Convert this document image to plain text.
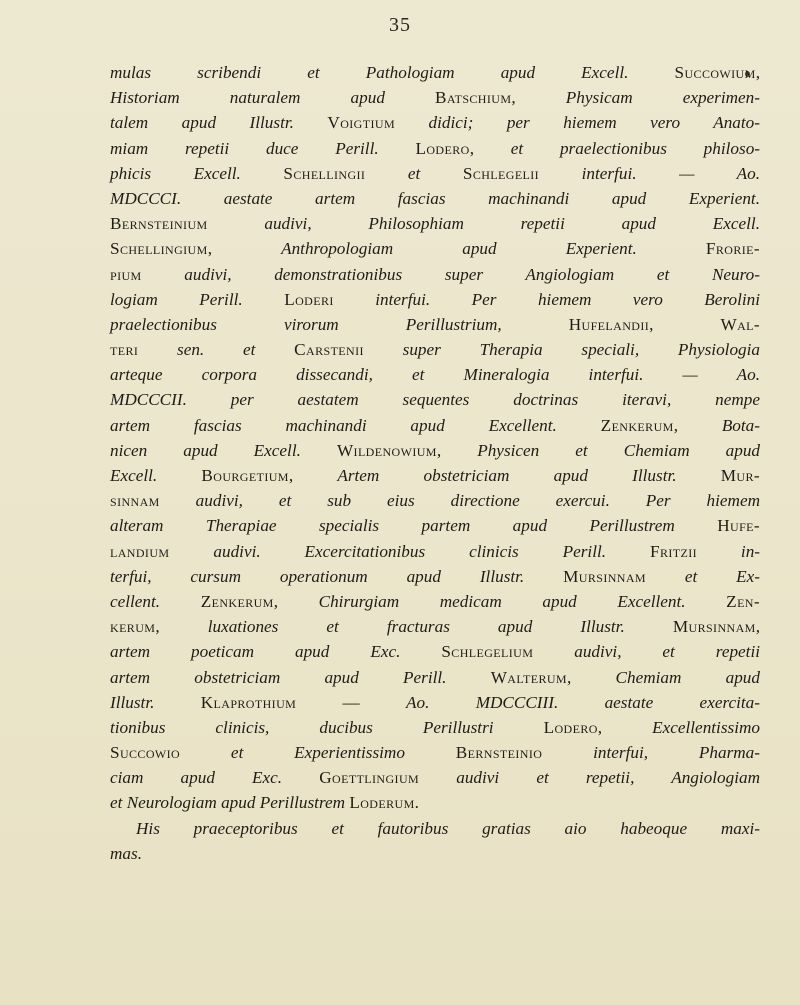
35
mulas scribendi et Pathologiam apud Excell. Succowium,
Historiam naturalem apud Batschium, Physicam experimen-
talem apud Illustr. Voigtium didici; per hiemem vero Anato-
miam repetii duce Perill. Lodero, et praelectionibus philoso-
phicis Excell. Schellingii et Schlegelii interfui. — Ao.
MDCCCI. aestate artem fascias machinandi apud Experient.
Bernsteinium audivi, Philosophiam repetii apud Excell.
Schellingium, Anthropologiam apud Experient. Frorie-
pium audivi, demonstrationibus super Angiologiam et Neuro-
logiam Perill. Loderi interfui. Per hiemem vero Berolini
praelectionibus virorum Perillustrium, Hufelandii, Wal-
teri sen. et Carstenii super Therapia speciali, Physiologia
arteque corpora dissecandi, et Mineralogia interfui. — Ao.
MDCCCII. per aestatem sequentes doctrinas iteravi, nempe
artem fascias machinandi apud Excellent. Zenkerum, Bota-
nicen apud Excell. Wildenowium, Physicen et Chemiam apud
Excell. Bourgetium, Artem obstetriciam apud Illustr. Mur-
sinnam audivi, et sub eius directione exercui. Per hiemem
alteram Therapiae specialis partem apud Perillustrem Hufe-
landium audivi. Excercitationibus clinicis Perill. Fritzii in-
terfui, cursum operationum apud Illustr. Mursinnam et Ex-
cellent. Zenkerum, Chirurgiam medicam apud Excellent. Zen-
kerum, luxationes et fracturas apud Illustr. Mursinnam,
artem poeticam apud Exc. Schlegelium audivi, et repetii
artem obstetriciam apud Perill. Walterum, Chemiam apud
Illustr. Klaprothium — Ao. MDCCCIII. aestate exercita-
tionibus clinicis, ducibus Perillustri Lodero, Excellentissimo
Succowio et Experientissimo Bernsteinio interfui, Pharma-
ciam apud Exc. Goettlingium audivi et repetii, Angiologiam
et Neurologiam apud Perillustrem Loderum.
His praeceptoribus et fautoribus gratias aio habeoque maxi-
mas.
